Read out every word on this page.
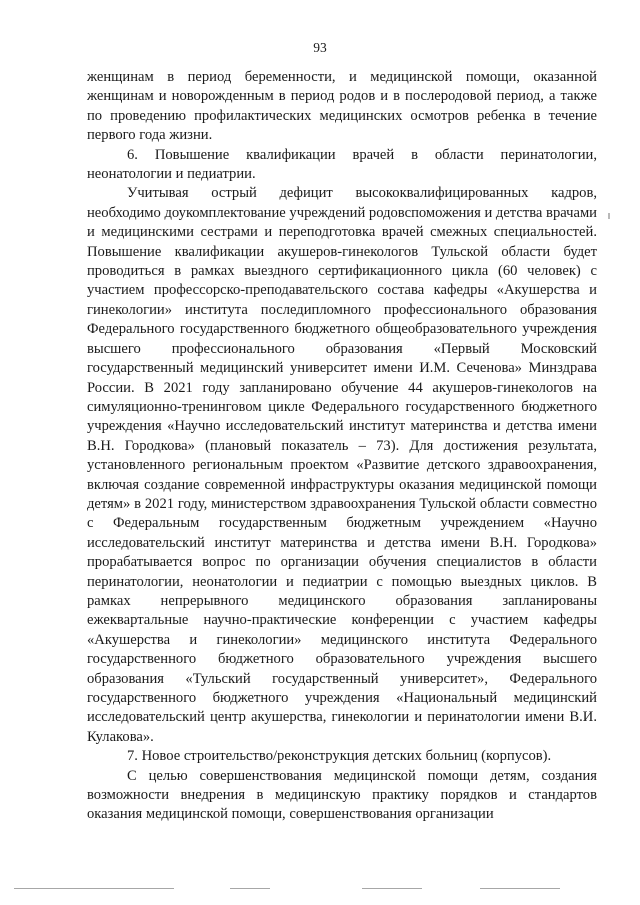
93

женщинам в период беременности, и медицинской помощи, оказанной женщинам и новорожденным в период родов и в послеродовой период, а также по проведению профилактических медицинских осмотров ребенка в течение первого года жизни.

6. Повышение квалификации врачей в области перинатологии, неонатологии и педиатрии.

Учитывая острый дефицит высококвалифицированных кадров, необходимо доукомплектование учреждений родовспоможения и детства врачами и медицинскими сестрами и переподготовка врачей смежных специальностей. Повышение квалификации акушеров-гинекологов Тульской области будет проводиться в рамках выездного сертификационного цикла (60 человек) с участием профессорско-преподавательского состава кафедры «Акушерства и гинекологии» института последипломного профессионального образования Федерального государственного бюджетного общеобразовательного учреждения высшего профессионального образования «Первый Московский государственный медицинский университет имени И.М. Сеченова» Минздрава России. В 2021 году запланировано обучение 44 акушеров-гинекологов на симуляционно-тренинговом цикле Федерального государственного бюджетного учреждения «Научно исследовательский институт материнства и детства имени В.Н. Городкова» (плановый показатель – 73). Для достижения результата, установленного региональным проектом «Развитие детского здравоохранения, включая создание современной инфраструктуры оказания медицинской помощи детям» в 2021 году, министерством здравоохранения Тульской области совместно с Федеральным государственным бюджетным учреждением «Научно исследовательский институт материнства и детства имени В.Н. Городкова» прорабатывается вопрос по организации обучения специалистов в области перинатологии, неонатологии и педиатрии с помощью выездных циклов. В рамках непрерывного медицинского образования запланированы ежеквартальные научно-практические конференции с участием кафедры «Акушерства и гинекологии» медицинского института Федерального государственного бюджетного образовательного учреждения высшего образования «Тульский государственный университет», Федерального государственного бюджетного учреждения «Национальный медицинский исследовательский центр акушерства, гинекологии и перинатологии имени В.И. Кулакова».

7. Новое строительство/реконструкция детских больниц (корпусов).

С целью совершенствования медицинской помощи детям, создания возможности внедрения в медицинскую практику порядков и стандартов оказания медицинской помощи, совершенствования организации
